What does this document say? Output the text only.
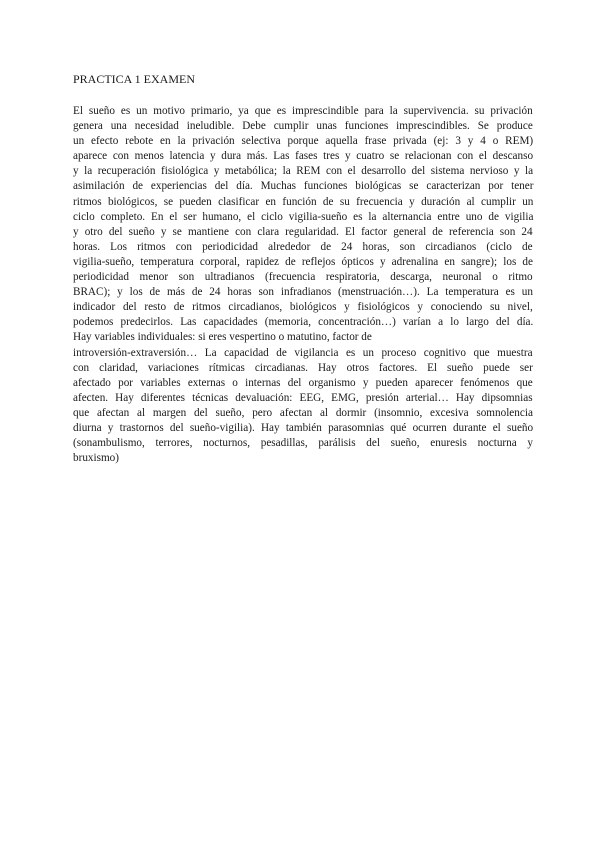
PRACTICA 1 EXAMEN
El sueño es un motivo primario, ya que es imprescindible para la supervivencia. su privación
genera una necesidad ineludible. Debe cumplir unas funciones imprescindibles. Se produce
un efecto rebote en la privación selectiva porque aquella frase privada (ej: 3 y 4 o REM)
aparece con menos latencia y dura más. Las fases tres y cuatro se relacionan con el descanso
y la recuperación fisiológica y metabólica; la REM con el desarrollo del sistema nervioso y la
asimilación de experiencias del día. Muchas funciones biológicas se caracterizan por tener
ritmos biológicos, se pueden clasificar en función de su frecuencia y duración al cumplir un
ciclo completo. En el ser humano, el ciclo vigilia-sueño es la alternancia entre uno de vigilia
y otro del sueño y se mantiene con clara regularidad. El factor general de referencia son 24
horas. Los ritmos con periodicidad alrededor de 24 horas, son circadianos (ciclo de
vigilia-sueño, temperatura corporal, rapidez de reflejos ópticos y adrenalina en sangre); los de
periodicidad menor son ultradianos (frecuencia respiratoria, descarga, neuronal o ritmo
BRAC); y los de más de 24 horas son infradianos (menstruación…). La temperatura es un
indicador del resto de ritmos circadianos, biológicos y fisiológicos y conociendo su nivel,
podemos predecirlos. Las capacidades (memoria, concentración…) varían a lo largo del día.
Hay variables individuales: si eres vespertino o matutino, factor de
introversión-extraversión… La capacidad de vigilancia es un proceso cognitivo que muestra
con claridad, variaciones rítmicas circadianas. Hay otros factores. El sueño puede ser
afectado por variables externas o internas del organismo y pueden aparecer fenómenos que
afecten. Hay diferentes técnicas devaluación: EEG, EMG, presión arterial… Hay dipsomnias
que afectan al margen del sueño, pero afectan al dormir (insomnio, excesiva somnolencia
diurna y trastornos del sueño-vigilia). Hay también parasomnias qué ocurren durante el sueño
(sonambulismo, terrores, nocturnos, pesadillas, parálisis del sueño, enuresis nocturna y
bruxismo)
